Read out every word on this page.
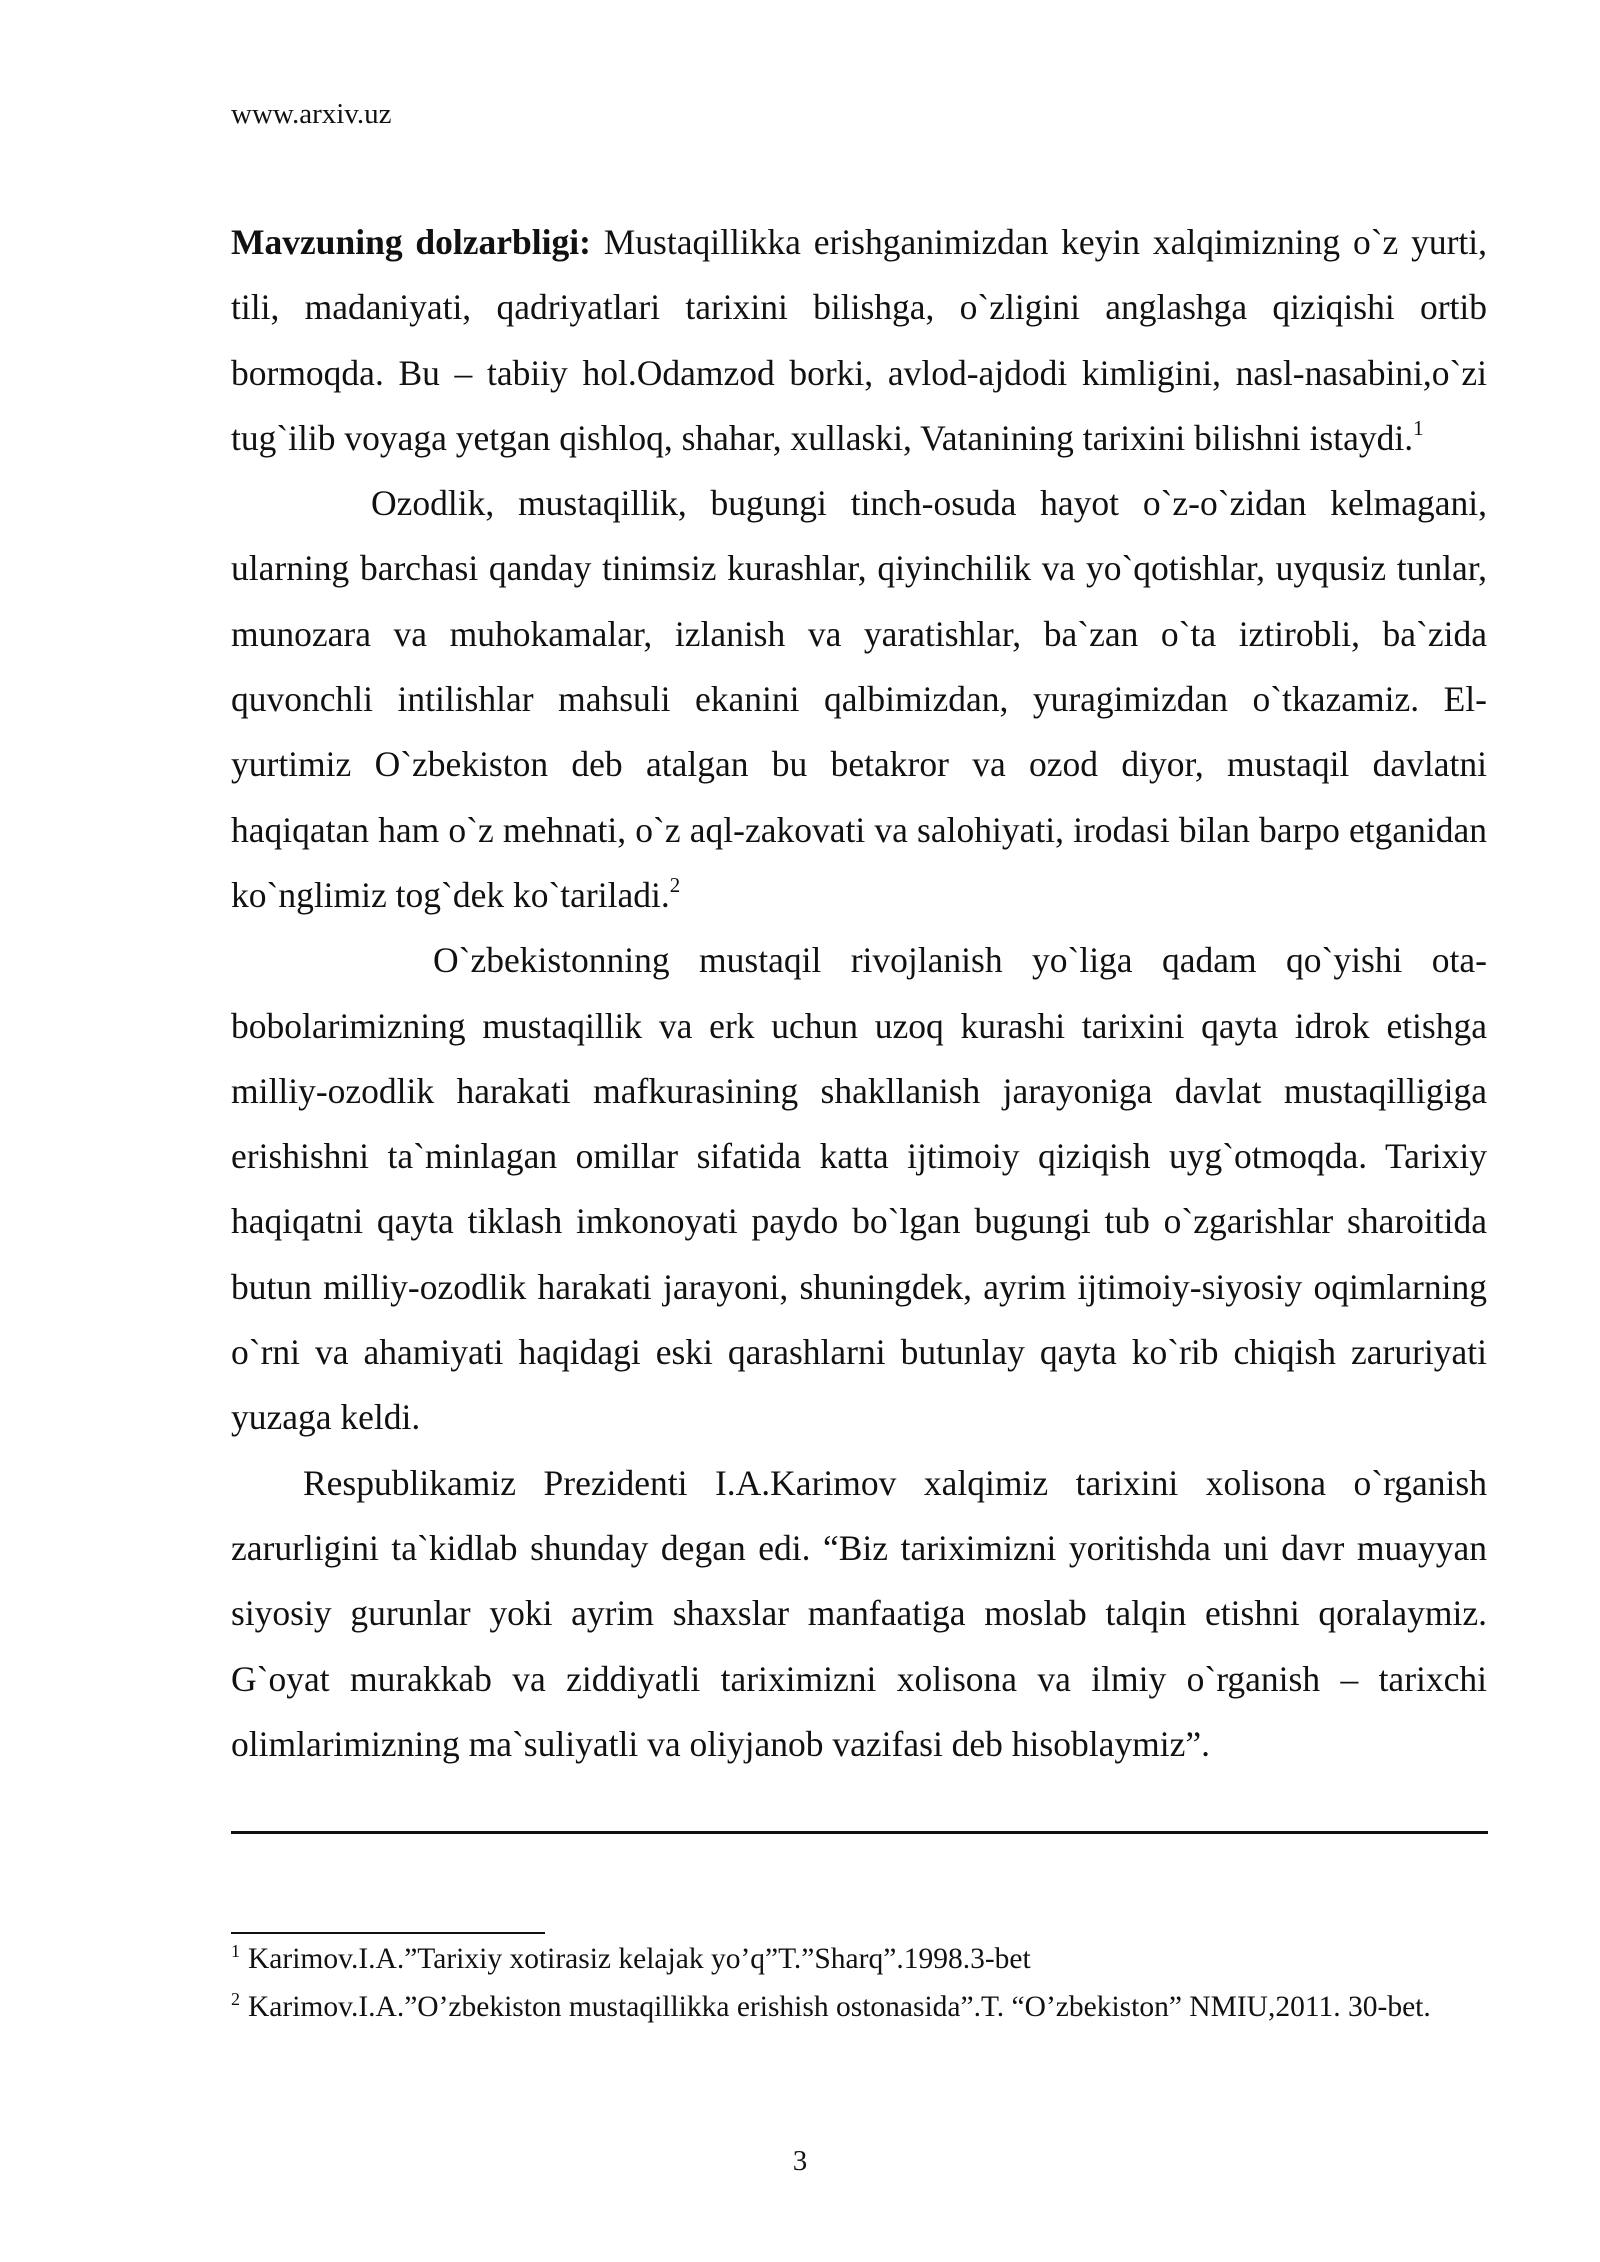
www.arxiv.uz

Mavzuning dolzarbligi: Mustaqillikka erishganimizdan keyin xalqimizning o`z yurti, tili, madaniyati, qadriyatlari tarixini bilishga, o`zligini anglashga qiziqishi ortib bormoqda. Bu – tabiiy hol.Odamzod borki, avlod-ajdodi kimligini, nasl-nasabini,o`zi tug`ilib voyaga yetgan qishloq, shahar, xullaski, Vatanining tarixini bilishni istaydi.$^1$

Ozodlik, mustaqillik, bugungi tinch-osuda hayot o`z-o`zidan kelmagani, ularning barchasi qanday tinimsiz kurashlar, qiyinchilik va yo`qotishlar, uyqusiz tunlar, munozara va muhokamalar, izlanish va yaratishlar, ba`zan o`ta iztirobli, ba`zida quvonchli intilishlar mahsuli ekanini qalbimizdan, yuragimizdan o`tkazamiz. El-yurtimiz O`zbekiston deb atalgan bu betakror va ozod diyor, mustaqil davlatni haqiqatan ham o`z mehnati, o`z aql-zakovati va salohiyati, irodasi bilan barpo etganidan ko`nglimiz tog`dek ko`tariladi.$^2$

O`zbekistonning mustaqil rivojlanish yo`liga qadam qo`yishi ota-bobolarimizning mustaqillik va erk uchun uzoq kurashi tarixini qayta idrok etishga milliy-ozodlik harakati mafkurasining shakllanish jarayoniga davlat mustaqilligiga erishishni ta`minlagan omillar sifatida katta ijtimoiy qiziqish uyg`otmoqda. Tarixiy haqiqatni qayta tiklash imkonoyati paydo bo`lgan bugungi tub o`zgarishlar sharoitida butun milliy-ozodlik harakati jarayoni, shuningdek, ayrim ijtimoiy-siyosiy oqimlarning o`rni va ahamiyati haqidagi eski qarashlarni butunlay qayta ko`rib chiqish zaruriyati yuzaga keldi.

Respublikamiz Prezidenti I.A.Karimov xalqimiz tarixini xolisona o`rganish zarurligini ta`kidlab shunday degan edi. “Biz tariximizni yoritishda uni davr muayyan siyosiy gurunlar yoki ayrim shaxslar manfaatiga moslab talqin etishni qoralaymiz. G`oyat murakkab va ziddiyatli tariximizni xolisona va ilmiy o`rganish – tarixchi olimlarimizning ma`suliyatli va oliyjanob vazifasi deb hisoblaymiz”.

$^1$ Karimov.I.A.”Tarixiy xotirasiz kelajak yo’q”T.”Sharq”.1998.3-bet

$^2$ Karimov.I.A.”O’zbekiston mustaqillikka erishish ostonasida”.T. “O’zbekiston” NMIU,2011. 30-bet.

3
